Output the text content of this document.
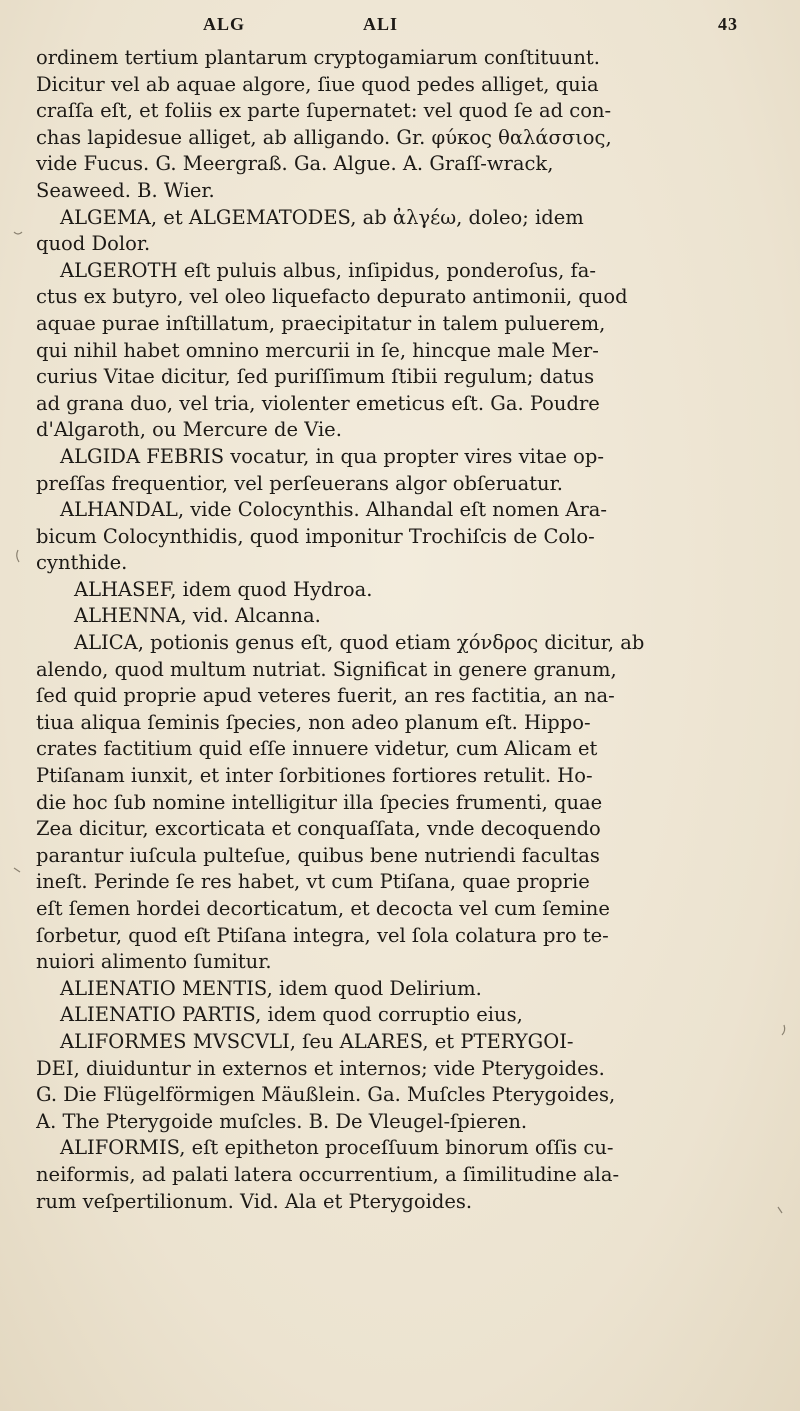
ALG	ALI	43
ordinem tertium plantarum cryptogamiarum conſtituunt.
Dicitur vel ab aquae algore, ſiue quod pedes alliget, quia
craſſa eſt, et foliis ex parte ſupernatet: vel quod ſe ad con-
chas lapidesue alliget, ab alligando. Gr. φύκος θαλάσσιος,
vide Fucus. G. Meergraß. Ga. Algue. A. Graſſ-wrack,
Seaweed. B. Wier.
ALGEMA, et ALGEMATODES, ab ἀλγέω, doleo; idem
quod Dolor.
ALGEROTH eſt puluis albus, inſipidus, ponderoſus, fa-
ctus ex butyro, vel oleo liquefacto depurato antimonii, quod
aquae purae inſtillatum, praecipitatur in talem puluerem,
qui nihil habet omnino mercurii in ſe, hincque male Mer-
curius Vitae dicitur, ſed puriſſimum ſtibii regulum; datus
ad grana duo, vel tria, violenter emeticus eſt. Ga. Poudre
d'Algaroth, ou Mercure de Vie.
ALGIDA FEBRIS vocatur, in qua propter vires vitae op-
preſſas frequentior, vel perſeuerans algor obſeruatur.
ALHANDAL, vide Colocynthis. Alhandal eſt nomen Ara-
bicum Colocynthidis, quod imponitur Trochiſcis de Colo-
cynthide.
ALHASEF, idem quod Hydroa.
ALHENNA, vid. Alcanna.
ALICA, potionis genus eſt, quod etiam χόνδρος dicitur, ab
alendo, quod multum nutriat. Significat in genere granum,
ſed quid proprie apud veteres fuerit, an res factitia, an na-
tiua aliqua ſeminis ſpecies, non adeo planum eſt. Hippo-
crates factitium quid eſſe innuere videtur, cum Alicam et
Ptiſanam iunxit, et inter ſorbitiones fortiores retulit. Ho-
die hoc ſub nomine intelligitur illa ſpecies frumenti, quae
Zea dicitur, excorticata et conquaſſata, vnde decoquendo
parantur iuſcula pulteſue, quibus bene nutriendi facultas
ineſt. Perinde ſe res habet, vt cum Ptiſana, quae proprie
eſt ſemen hordei decorticatum, et decocta vel cum ſemine
ſorbetur, quod eſt Ptiſana integra, vel ſola colatura pro te-
nuiori alimento ſumitur.
ALIENATIO MENTIS, idem quod Delirium.
ALIENATIO PARTIS, idem quod corruptio eius,
ALIFORMES MVSCVLI, ſeu ALARES, et PTERYGOI-
DEI, diuiduntur in externos et internos; vide Pterygoides.
G. Die Flügelförmigen Mäußlein. Ga. Muſcles Pterygoides,
A. The Pterygoide muſcles. B. De Vleugel-ſpieren.
ALIFORMIS, eſt epitheton proceſſuum binorum oſſis cu-
neiformis, ad palati latera occurrentium, a ſimilitudine ala-
rum veſpertilionum. Vid. Ala et Pterygoides.
